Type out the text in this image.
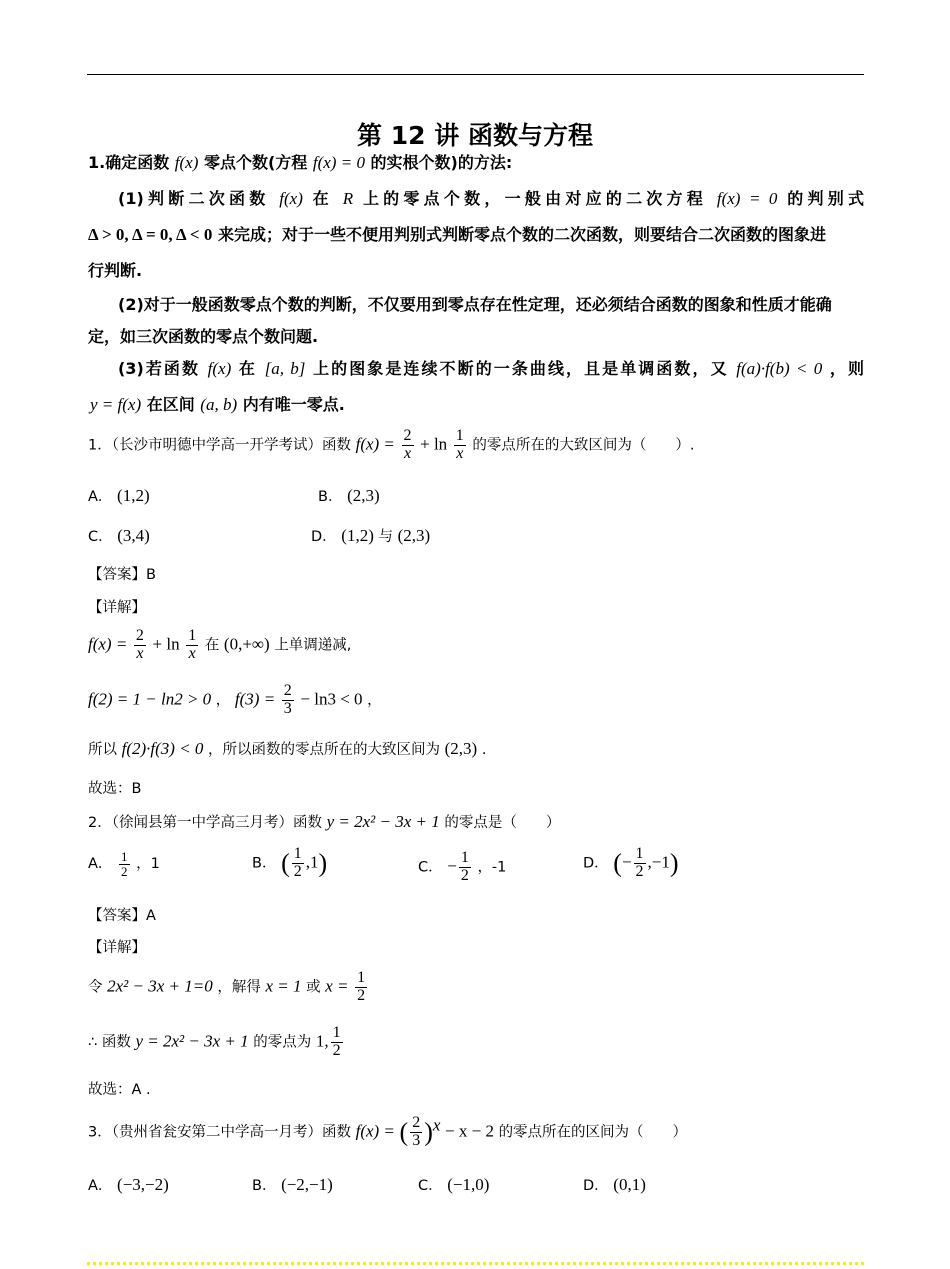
第 12 讲 函数与方程
1.确定函数 f(x) 零点个数(方程 f(x) = 0 的实根个数)的方法:
(1)判断二次函数 f(x) 在 R 上的零点个数，一般由对应的二次方程 f(x) = 0 的判别式
Δ > 0, Δ = 0, Δ < 0 来完成；对于一些不便用判别式判断零点个数的二次函数，则要结合二次函数的图象进
行判断.
(2)对于一般函数零点个数的判断，不仅要用到零点存在性定理，还必须结合函数的图象和性质才能确
定，如三次函数的零点个数问题.
(3)若函数 f(x) 在 [a, b] 上的图象是连续不断的一条曲线，且是单调函数，又 f(a)·f(b) < 0 ，则
y = f(x) 在区间 (a, b) 内有唯一零点.
1．（长沙市明德中学高一开学考试）函数 $f(x) = \frac{2}{x} + \ln \frac{1}{x}$ 的零点所在的大致区间为（　　）.
A． (1,2)	B． (2,3)
C． (3,4)	D． (1,2) 与 (2,3)
【答案】B
【详解】
$f(x) = \frac{2}{x} + \ln \frac{1}{x}$ 在 (0,+∞) 上单调递减,
f(2) = 1 − ln2 > 0 ， $f(3) = \frac{2}{3} - \ln 3 < 0$ ，
所以 f(2)·f(3) < 0 ，所以函数的零点所在的大致区间为 (2,3) .
故选：B
2．（徐闻县第一中学高三月考）函数 y = 2x² − 3x + 1 的零点是（　　）
A． $\frac{1}{2}$ ，1	B． ( $\frac{1}{2} ,1$)	C． − $\frac{1}{2}$ ，-1	D． (− $\frac{1}{2} ,-1$)
【答案】A
【详解】
令 2x² − 3x + 1=0 ，解得 x = 1 或 $x = \frac{1}{2}$
∴ 函数 y = 2x² − 3x + 1 的零点为 1, $\frac{1}{2}$
故选：A .
3．（贵州省瓮安第二中学高一月考）函数 f(x) = ( $\frac{2}{3} )^x - x - 2$ 的零点所在的区间为（　　）
A． (−3,−2)	B． (−2,−1)	C． (−1,0)	D． (0,1)
